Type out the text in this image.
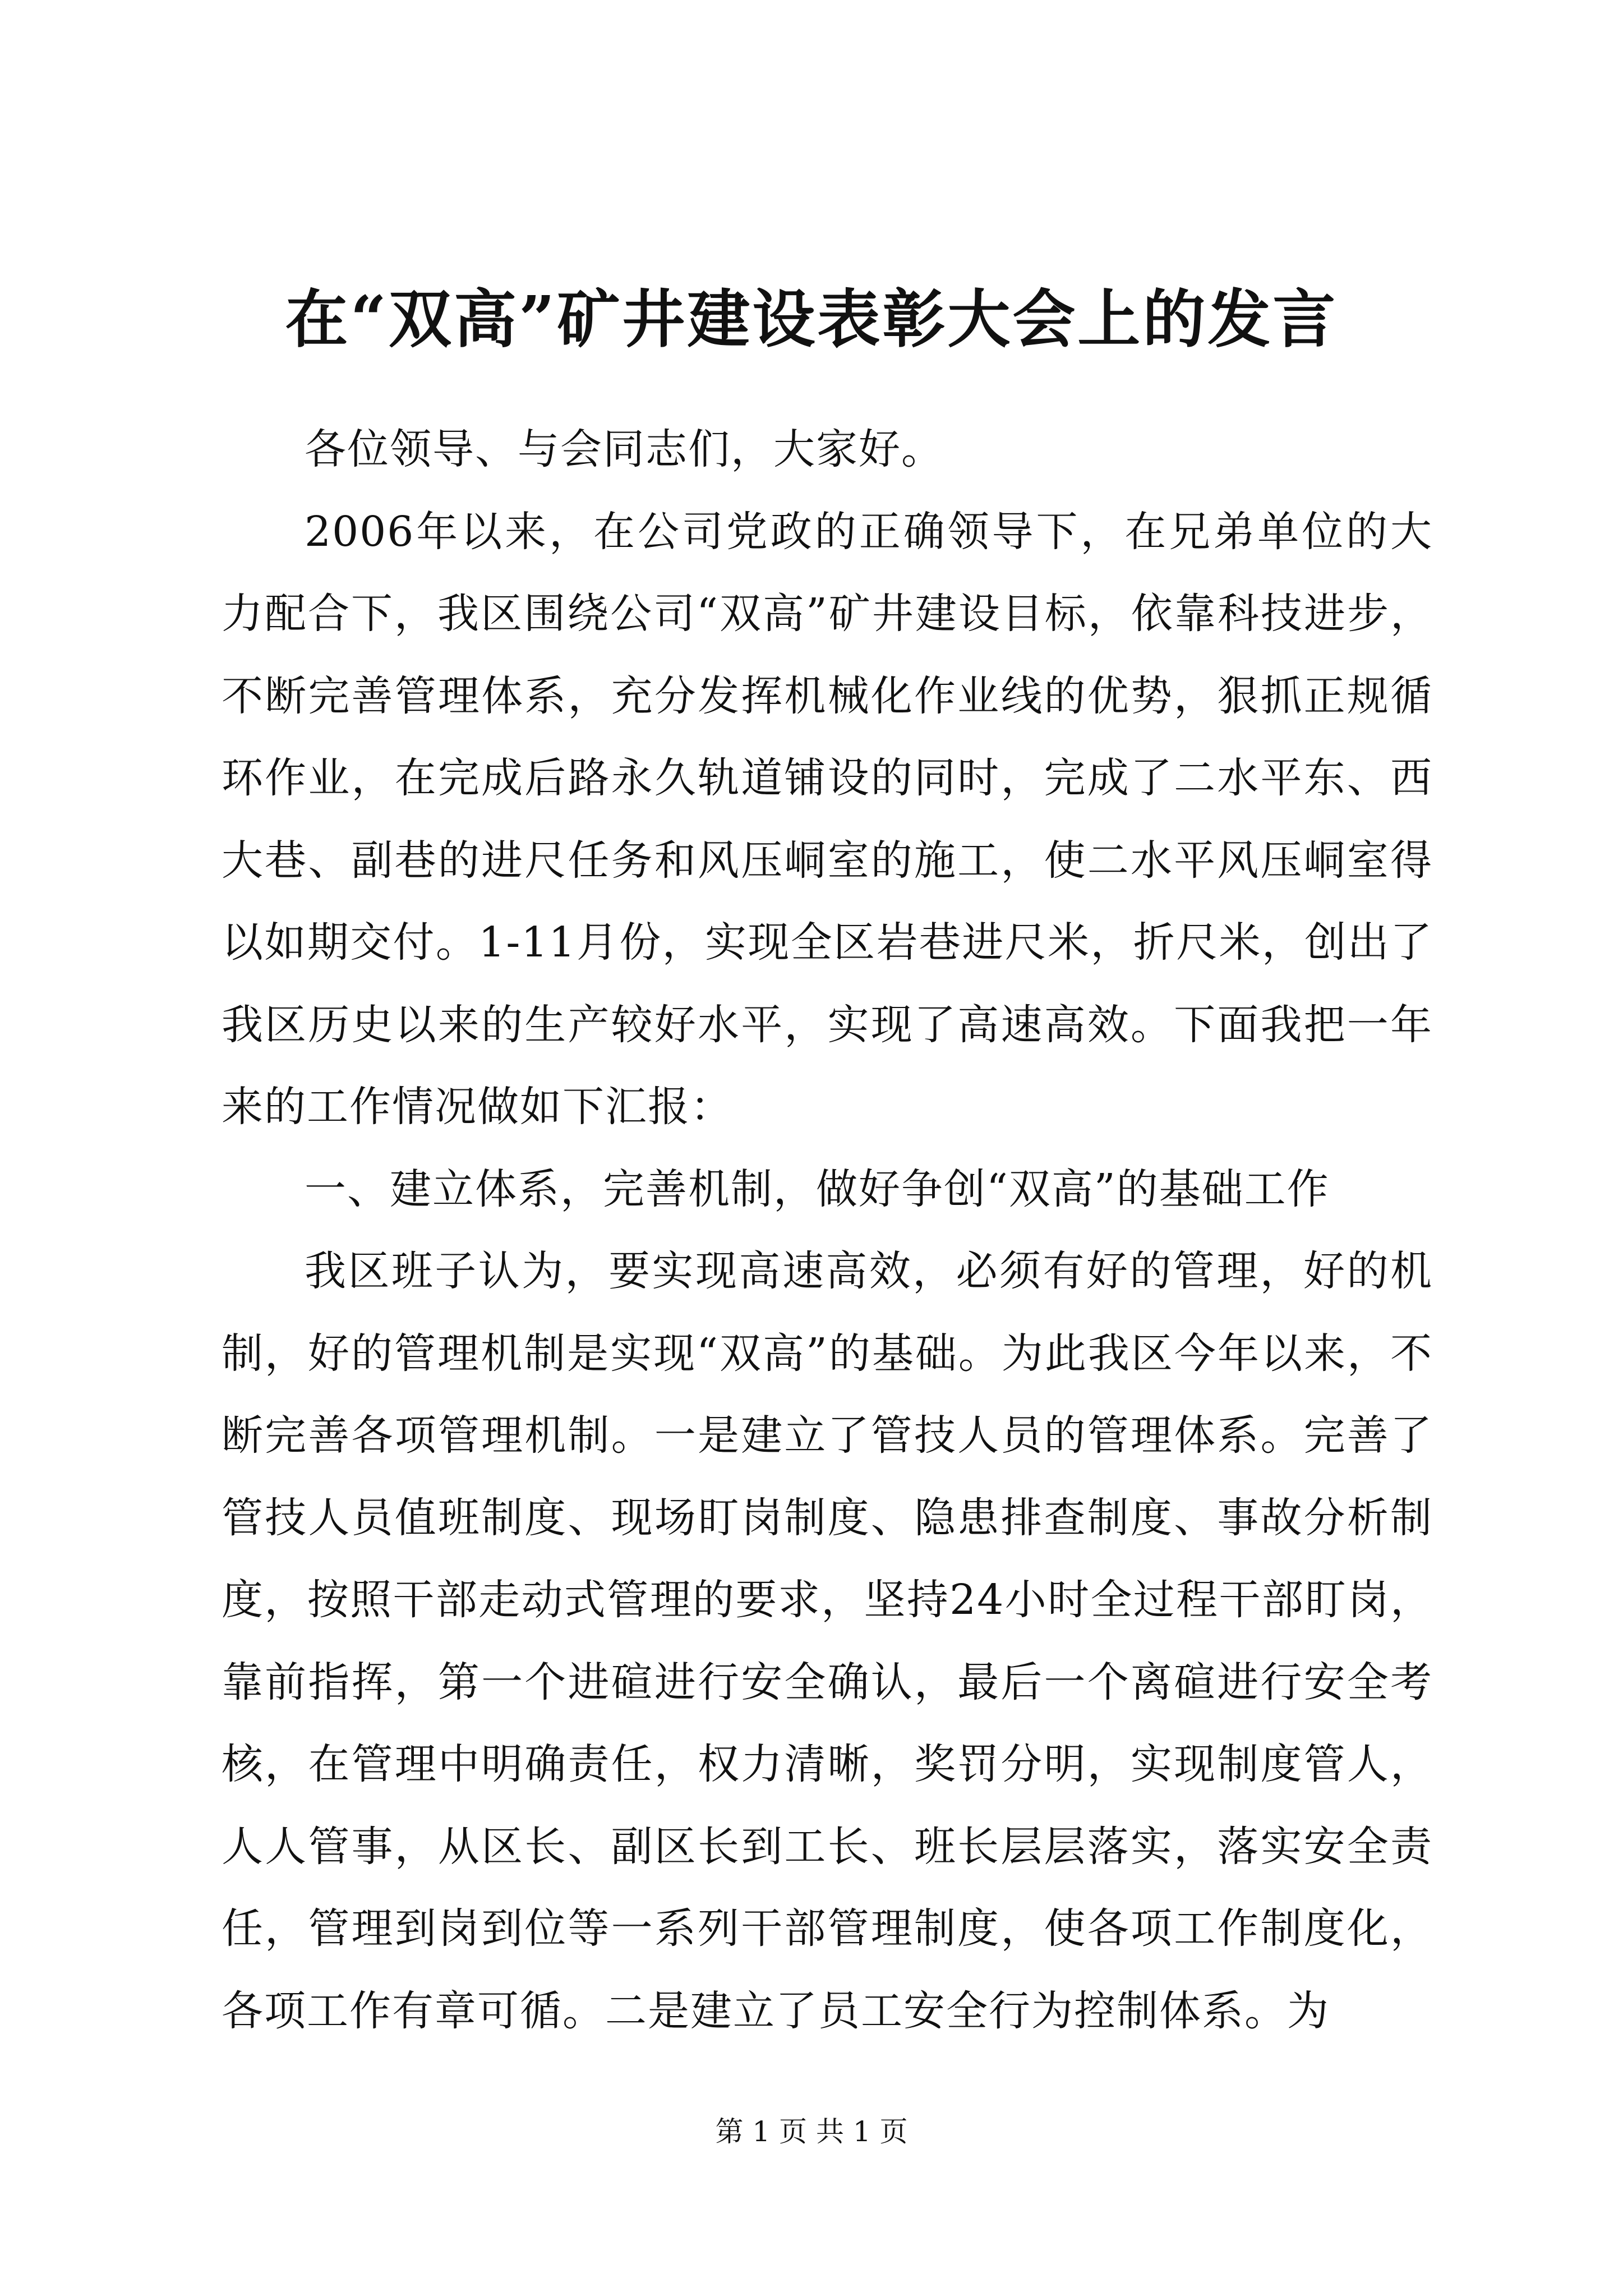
在“双高”矿井建设表彰大会上的发言

各位领导、与会同志们，大家好。

2006年以来，在公司党政的正确领导下，在兄弟单位的大力配合下，我区围绕公司“双高”矿井建设目标，依靠科技进步，不断完善管理体系，充分发挥机械化作业线的优势，狠抓正规循环作业，在完成后路永久轨道铺设的同时，完成了二水平东、西大巷、副巷的进尺任务和风压峒室的施工，使二水平风压峒室得以如期交付。1-11月份，实现全区岩巷进尺米，折尺米，创出了我区历史以来的生产较好水平，实现了高速高效。下面我把一年来的工作情况做如下汇报：

一、建立体系，完善机制，做好争创“双高”的基础工作

我区班子认为，要实现高速高效，必须有好的管理，好的机制，好的管理机制是实现“双高”的基础。为此我区今年以来，不断完善各项管理机制。一是建立了管技人员的管理体系。完善了管技人员值班制度、现场盯岗制度、隐患排查制度、事故分析制度，按照干部走动式管理的要求，坚持24小时全过程干部盯岗，靠前指挥，第一个进碹进行安全确认，最后一个离碹进行安全考核，在管理中明确责任，权力清晰，奖罚分明，实现制度管人，人人管事，从区长、副区长到工长、班长层层落实，落实安全责任，管理到岗到位等一系列干部管理制度，使各项工作制度化，各项工作有章可循。二是建立了员工安全行为控制体系。为

第 1 页 共 1 页
